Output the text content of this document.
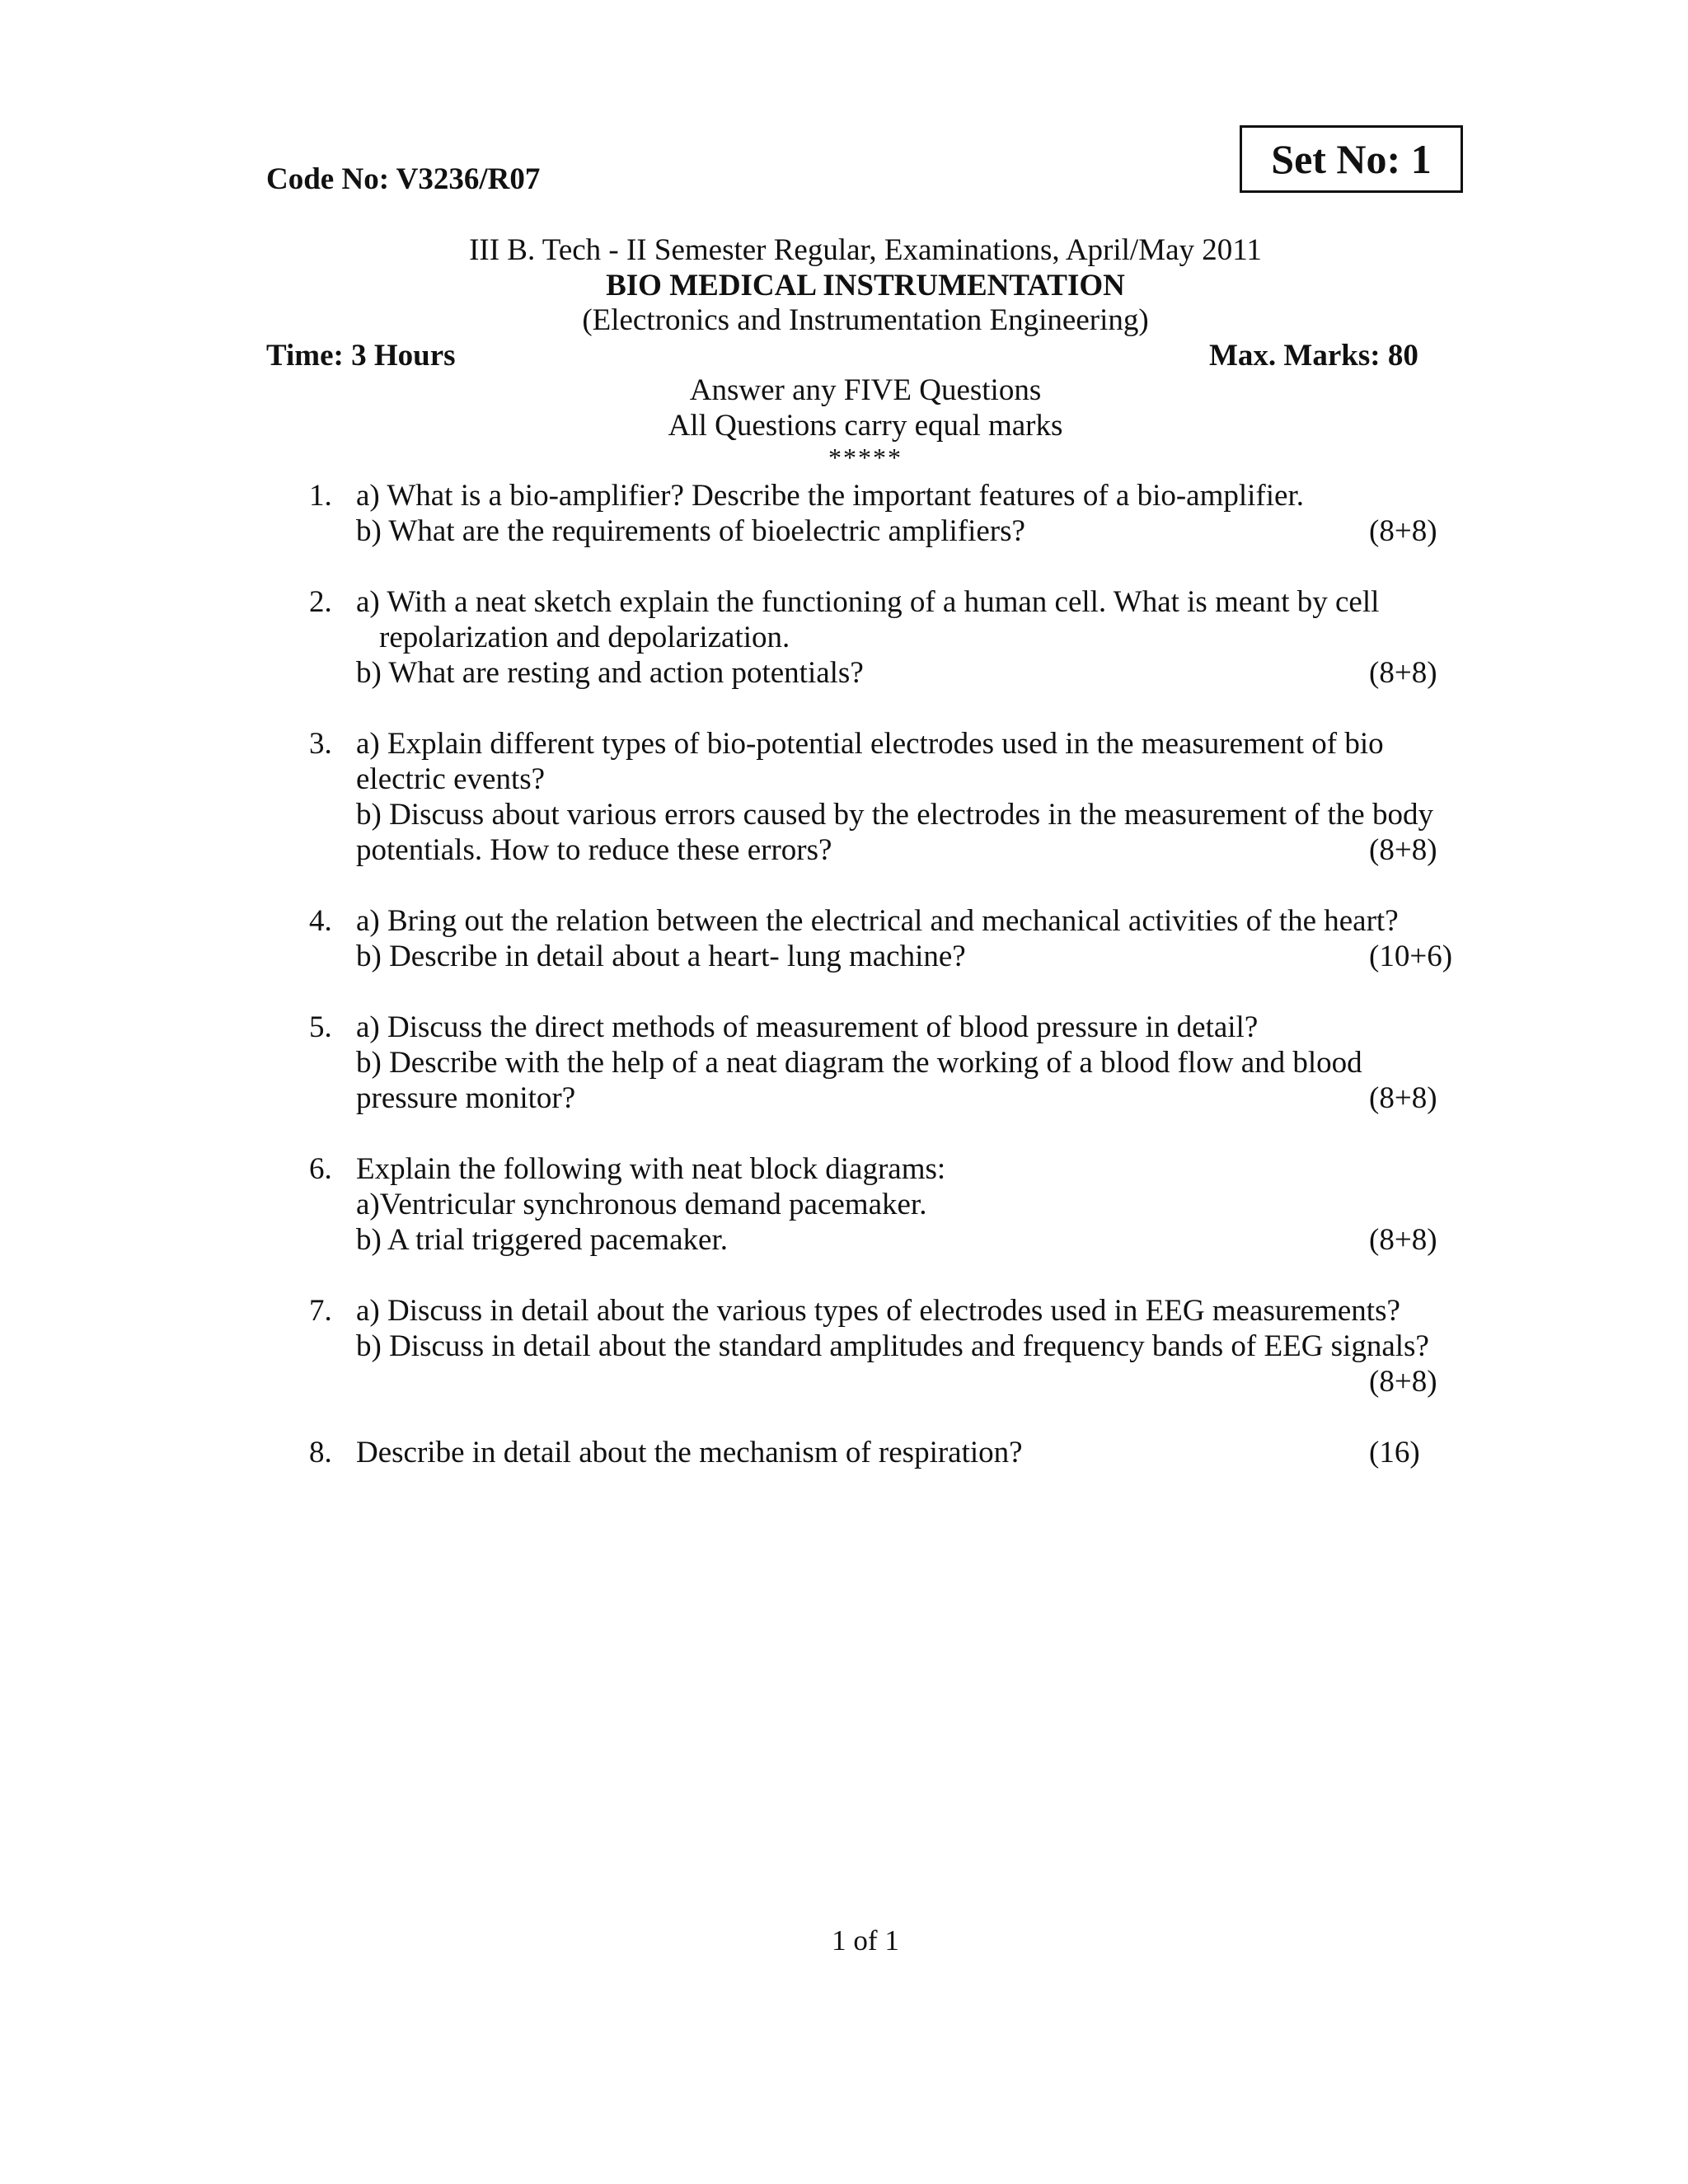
Code No: V3236/R07	Set No: 1
III B. Tech - II Semester Regular, Examinations, April/May 2011
BIO MEDICAL INSTRUMENTATION
(Electronics and Instrumentation Engineering)
Time: 3 Hours	Max. Marks: 80
Answer any FIVE Questions
All Questions carry equal marks
*****
1. a) What is a bio-amplifier? Describe the important features of a bio-amplifier.
b) What are the requirements of bioelectric amplifiers?	(8+8)
2. a) With a neat sketch explain the functioning of a human cell. What is meant by cell
repolarization and depolarization.
b) What are resting and action potentials?	(8+8)
3. a) Explain different types of bio-potential electrodes used in the measurement of bio
electric events?
b) Discuss about various errors caused by the electrodes in the measurement of the body
potentials. How to reduce these errors?	(8+8)
4. a) Bring out the relation between the electrical and mechanical activities of the heart?
b) Describe in detail about a heart- lung machine?	(10+6)
5. a) Discuss the direct methods of measurement of blood pressure in detail?
b) Describe with the help of a neat diagram the working of a blood flow and blood
pressure monitor?	(8+8)
6. Explain the following with neat block diagrams:
a)Ventricular synchronous demand pacemaker.
b) A trial triggered pacemaker.	(8+8)
7. a) Discuss in detail about the various types of electrodes used in EEG measurements?
b) Discuss in detail about the standard amplitudes and frequency bands of EEG signals?
(8+8)
8. Describe in detail about the mechanism of respiration?	(16)
1 of 1
